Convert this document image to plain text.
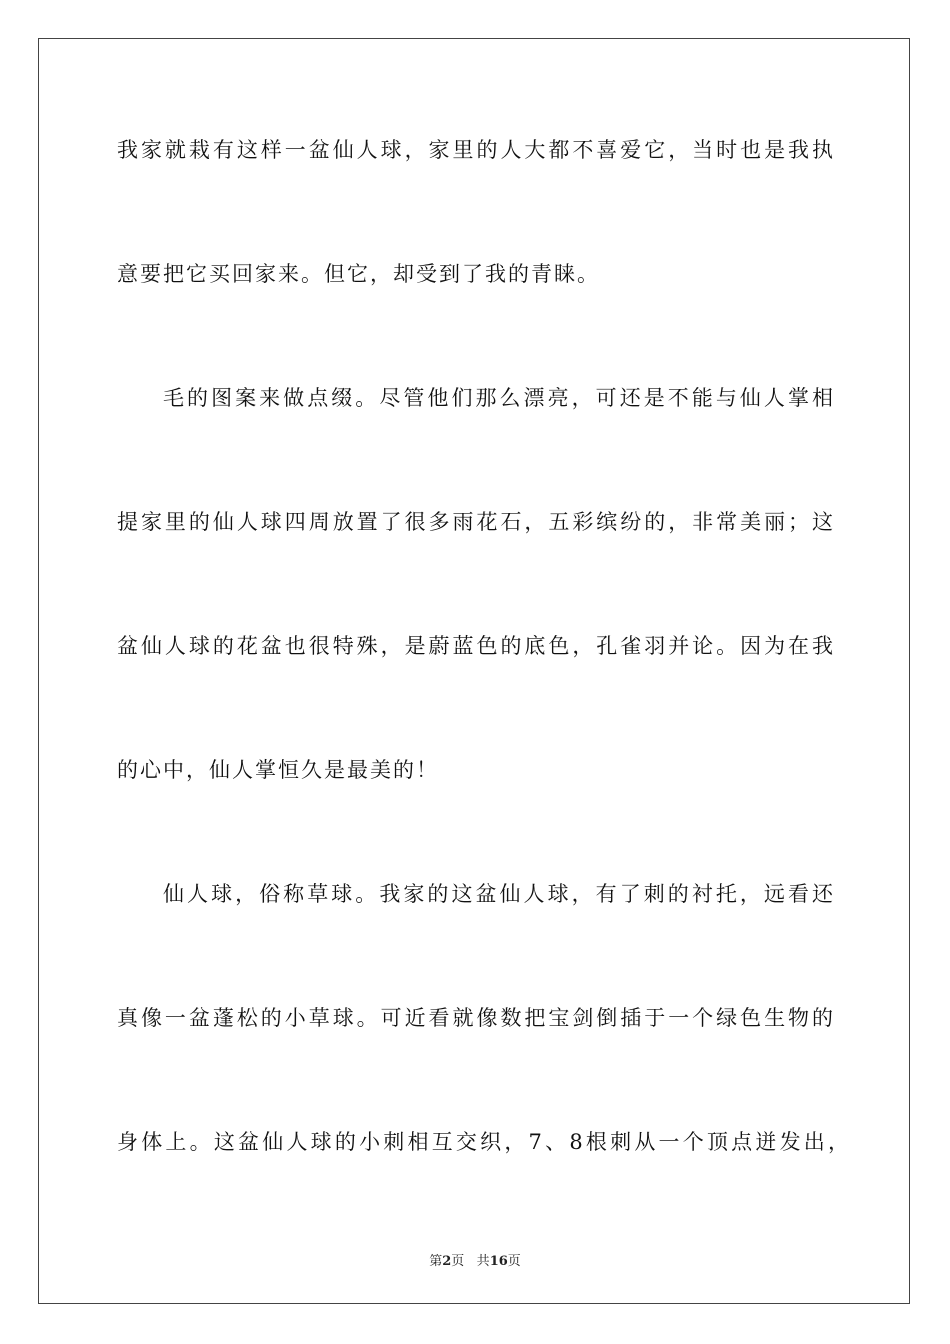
我家就栽有这样一盆仙人球，家里的人大都不喜爱它，当时也是我执
意要把它买回家来。但它，却受到了我的青睐。
毛的图案来做点缀。尽管他们那么漂亮，可还是不能与仙人掌相
提家里的仙人球四周放置了很多雨花石，五彩缤纷的，非常美丽；这
盆仙人球的花盆也很特殊，是蔚蓝色的底色，孔雀羽并论。因为在我
的心中，仙人掌恒久是最美的！
仙人球，俗称草球。我家的这盆仙人球，有了刺的衬托，远看还
真像一盆蓬松的小草球。可近看就像数把宝剑倒插于一个绿色生物的
身体上。这盆仙人球的小刺相互交织，7、8根刺从一个顶点迸发出，
第2页 共16页
